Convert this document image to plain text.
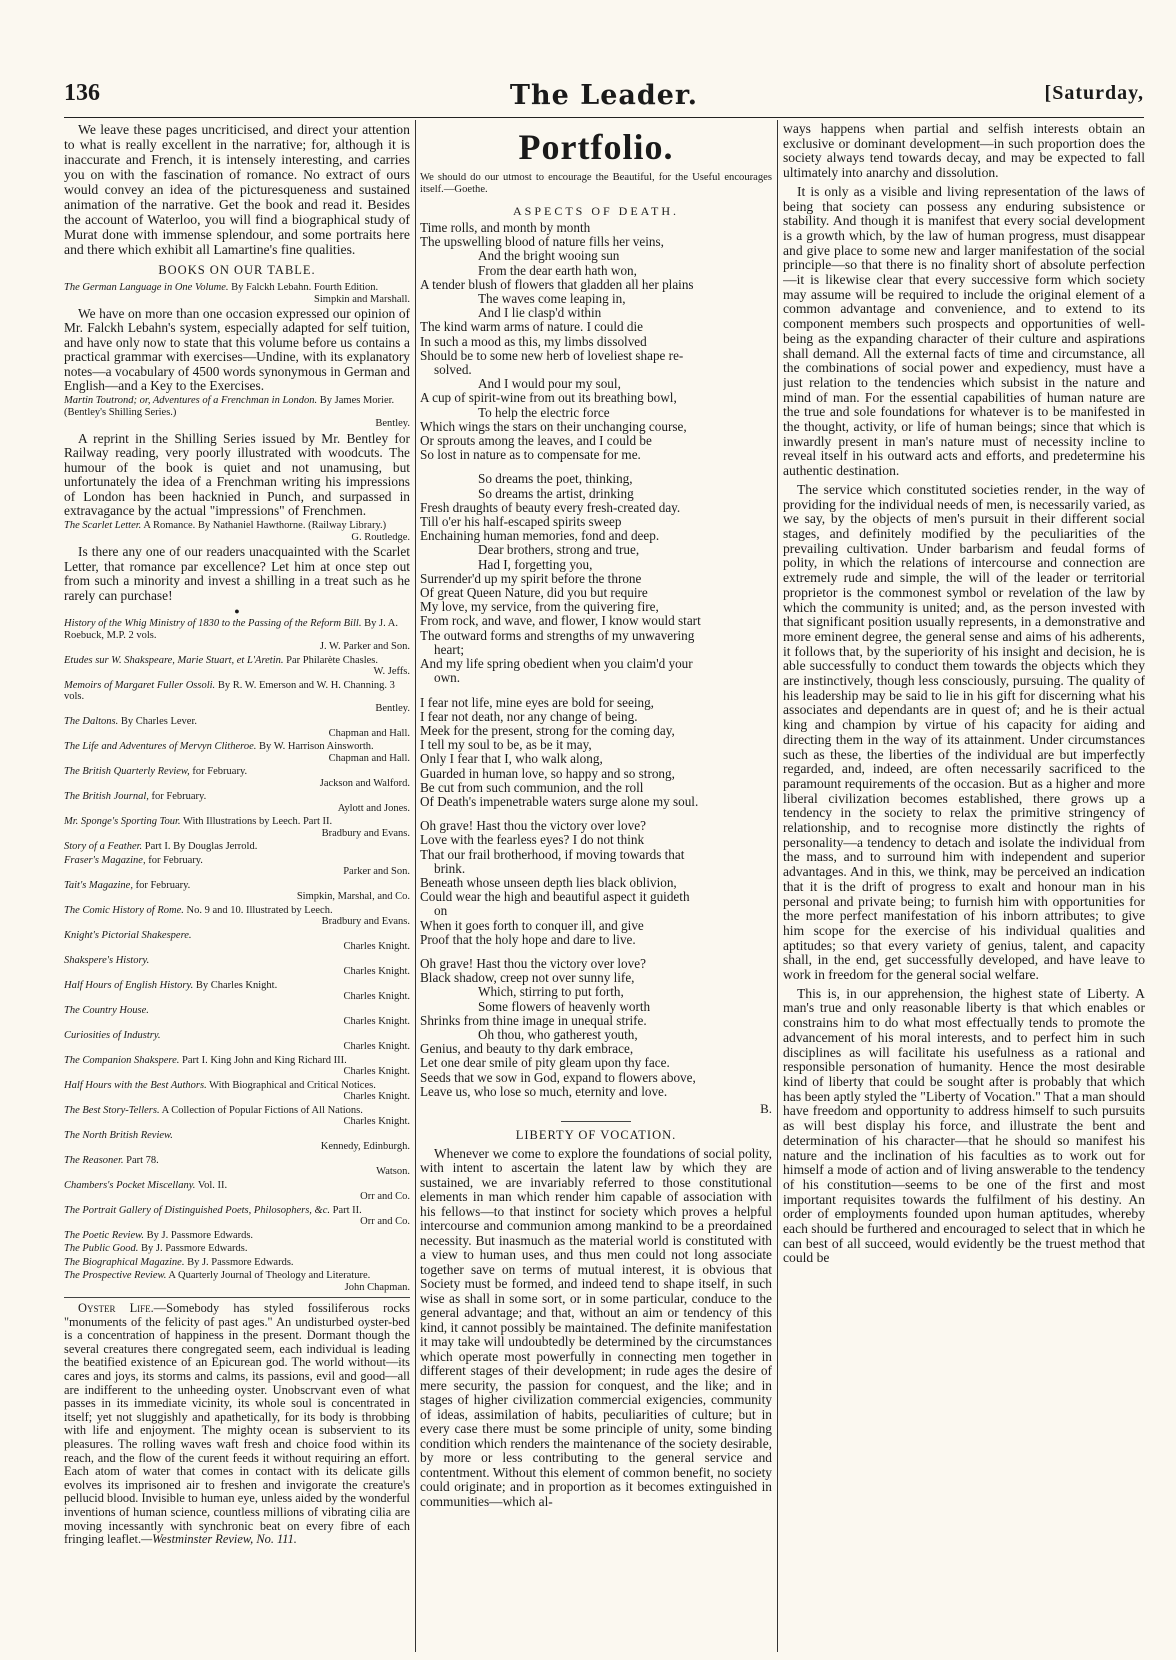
136	The Leader.	[Saturday,

We leave these pages uncriticised, and direct your attention to what is really excellent in the narrative; for, although it is inaccurate and French, it is intensely interesting, and carries you on with the fascination of romance. No extract of ours would convey an idea of the picturesqueness and sustained animation of the narrative. Get the book and read it. Besides the account of Waterloo, you will find a biographical study of Murat done with immense splendour, and some portraits here and there which exhibit all Lamartine's fine qualities.

BOOKS ON OUR TABLE.
The German Language in One Volume. By Falckh Lebahn. Fourth Edition.
Simpkin and Marshall.

We have on more than one occasion expressed our opinion of Mr. Falckh Lebahn's system, especially adapted for self tuition, and have only now to state that this volume before us contains a practical grammar with exercises—Undine, with its explanatory notes—a vocabulary of 4500 words synonymous in German and English—and a Key to the Exercises.

Martin Toutrond; or, Adventures of a Frenchman in London. By James Morier. (Bentley's Shilling Series.)
Bentley.

A reprint in the Shilling Series issued by Mr. Bentley for Railway reading, very poorly illustrated with woodcuts. The humour of the book is quiet and not unamusing, but unfortunately the idea of a Frenchman writing his impressions of London has been hacknied in Punch, and surpassed in extravagance by the actual "impressions" of Frenchmen.

The Scarlet Letter. A Romance. By Nathaniel Hawthorne. (Railway Library.)
G. Routledge.

Is there any one of our readers unacquainted with the Scarlet Letter, that romance par excellence? Let him at once step out from such a minority and invest a shilling in a treat such as he rarely can purchase!

●
History of the Whig Ministry of 1830 to the Passing of the Reform Bill. By J. A. Roebuck, M.P. 2 vols.
J. W. Parker and Son.
Etudes sur W. Shakspeare, Marie Stuart, et L'Aretin. Par Philarète Chasles.
W. Jeffs.
Memoirs of Margaret Fuller Ossoli. By R. W. Emerson and W. H. Channing. 3 vols.
Bentley.
The Daltons. By Charles Lever.
Chapman and Hall.
The Life and Adventures of Mervyn Clitheroe. By W. Harrison Ainsworth.
Chapman and Hall.
The British Quarterly Review, for February.
Jackson and Walford.
The British Journal, for February.
Aylott and Jones.
Mr. Sponge's Sporting Tour. With Illustrations by Leech. Part II.
Bradbury and Evans.
Story of a Feather. Part I. By Douglas Jerrold.
Fraser's Magazine, for February.
Parker and Son.
Tait's Magazine, for February.
Simpkin, Marshal, and Co.
The Comic History of Rome. No. 9 and 10. Illustrated by Leech.
Bradbury and Evans.
Knight's Pictorial Shakespere.
Charles Knight.
Shakspere's History.
Charles Knight.
Half Hours of English History. By Charles Knight.
Charles Knight.
The Country House.
Charles Knight.
Curiosities of Industry.
Charles Knight.
The Companion Shakspere. Part I. King John and King Richard III.
Charles Knight.
Half Hours with the Best Authors. With Biographical and Critical Notices.
Charles Knight.
The Best Story-Tellers. A Collection of Popular Fictions of All Nations.
Charles Knight.
The North British Review.
Kennedy, Edinburgh.
The Reasoner. Part 78.
Watson.
Chambers's Pocket Miscellany. Vol. II.
Orr and Co.
The Portrait Gallery of Distinguished Poets, Philosophers, &c. Part II.
Orr and Co.
The Poetic Review. By J. Passmore Edwards.
The Public Good. By J. Passmore Edwards.
The Biographical Magazine. By J. Passmore Edwards.
The Prospective Review. A Quarterly Journal of Theology and Literature.
John Chapman.

Oyster Life.—Somebody has styled fossiliferous rocks "monuments of the felicity of past ages." An undisturbed oyster-bed is a concentration of happiness in the present. Dormant though the several creatures there congregated seem, each individual is leading the beatified existence of an Epicurean god. The world without—its cares and joys, its storms and calms, its passions, evil and good—all are indifferent to the unheeding oyster. Unobscrvant even of what passes in its immediate vicinity, its whole soul is concentrated in itself; yet not sluggishly and apathetically, for its body is throbbing with life and enjoyment. The mighty ocean is subservient to its pleasures. The rolling waves waft fresh and choice food within its reach, and the flow of the curent feeds it without requiring an effort. Each atom of water that comes in contact with its delicate gills evolves its imprisoned air to freshen and invigorate the creature's pellucid blood. Invisible to human eye, unless aided by the wonderful inventions of human science, countless millions of vibrating cilia are moving incessantly with synchronic beat on every fibre of each fringing leaflet.—Westminster Review, No. 111.

Portfolio.

We should do our utmost to encourage the Beautiful, for the Useful encourages itself.—Goethe.

ASPECTS OF DEATH.
Time rolls, and month by month
The upswelling blood of nature fills her veins,
And the bright wooing sun
From the dear earth hath won,
A tender blush of flowers that gladden all her plains
The waves come leaping in,
And I lie clasp'd within
The kind warm arms of nature. I could die
In such a mood as this, my limbs dissolved
Should be to some new herb of loveliest shape re-
solved.
And I would pour my soul,
A cup of spirit-wine from out its breathing bowl,
To help the electric force
Which wings the stars on their unchanging course,
Or sprouts among the leaves, and I could be
So lost in nature as to compensate for me.
So dreams the poet, thinking,
So dreams the artist, drinking
Fresh draughts of beauty every fresh-created day.
Till o'er his half-escaped spirits sweep
Enchaining human memories, fond and deep.
Dear brothers, strong and true,
Had I, forgetting you,
Surrender'd up my spirit before the throne
Of great Queen Nature, did you but require
My love, my service, from the quivering fire,
From rock, and wave, and flower, I know would start
The outward forms and strengths of my unwavering
heart;
And my life spring obedient when you claim'd your
own.
I fear not life, mine eyes are bold for seeing,
I fear not death, nor any change of being.
Meek for the present, strong for the coming day,
I tell my soul to be, as be it may,
Only I fear that I, who walk along,
Guarded in human love, so happy and so strong,
Be cut from such communion, and the roll
Of Death's impenetrable waters surge alone my soul.
Oh grave! Hast thou the victory over love?
Love with the fearless eyes? I do not think
That our frail brotherhood, if moving towards that
brink.
Beneath whose unseen depth lies black oblivion,
Could wear the high and beautiful aspect it guideth
on
When it goes forth to conquer ill, and give
Proof that the holy hope and dare to live.
Oh grave! Hast thou the victory over love?
Black shadow, creep not over sunny life,
Which, stirring to put forth,
Some flowers of heavenly worth
Shrinks from thine image in unequal strife.
Oh thou, who gatherest youth,
Genius, and beauty to thy dark embrace,
Let one dear smile of pity gleam upon thy face.
Seeds that we sow in God, expand to flowers above,
Leave us, who lose so much, eternity and love.
B.
LIBERTY OF VOCATION.

Whenever we come to explore the foundations of social polity, with intent to ascertain the latent law by which they are sustained, we are invariably referred to those constitutional elements in man which render him capable of association with his fellows—to that instinct for society which proves a helpful intercourse and communion among mankind to be a preordained necessity. But inasmuch as the material world is constituted with a view to human uses, and thus men could not long associate together save on terms of mutual interest, it is obvious that Society must be formed, and indeed tend to shape itself, in such wise as shall in some sort, or in some particular, conduce to the general advantage; and that, without an aim or tendency of this kind, it cannot possibly be maintained. The definite manifestation it may take will undoubtedly be determined by the circumstances which operate most powerfully in connecting men together in different stages of their development; in rude ages the desire of mere security, the passion for conquest, and the like; and in stages of higher civilization commercial exigencies, community of ideas, assimilation of habits, peculiarities of culture; but in every case there must be some principle of unity, some binding condition which renders the maintenance of the society desirable, by more or less contributing to the general service and contentment. Without this element of common benefit, no society could originate; and in proportion as it becomes extinguished in communities—which al-

ways happens when partial and selfish interests obtain an exclusive or dominant development—in such proportion does the society always tend towards decay, and may be expected to fall ultimately into anarchy and dissolution.

It is only as a visible and living representation of the laws of being that society can possess any enduring subsistence or stability. And though it is manifest that every social development is a growth which, by the law of human progress, must disappear and give place to some new and larger manifestation of the social principle—so that there is no finality short of absolute perfection—it is likewise clear that every successive form which society may assume will be required to include the original element of a common advantage and convenience, and to extend to its component members such prospects and opportunities of well-being as the expanding character of their culture and aspirations shall demand. All the external facts of time and circumstance, all the combinations of social power and expediency, must have a just relation to the tendencies which subsist in the nature and mind of man. For the essential capabilities of human nature are the true and sole foundations for whatever is to be manifested in the thought, activity, or life of human beings; since that which is inwardly present in man's nature must of necessity incline to reveal itself in his outward acts and efforts, and predetermine his authentic destination.

The service which constituted societies render, in the way of providing for the individual needs of men, is necessarily varied, as we say, by the objects of men's pursuit in their different social stages, and definitely modified by the peculiarities of the prevailing cultivation. Under barbarism and feudal forms of polity, in which the relations of intercourse and connection are extremely rude and simple, the will of the leader or territorial proprietor is the commonest symbol or revelation of the law by which the community is united; and, as the person invested with that significant position usually represents, in a demonstrative and more eminent degree, the general sense and aims of his adherents, it follows that, by the superiority of his insight and decision, he is able successfully to conduct them towards the objects which they are instinctively, though less consciously, pursuing. The quality of his leadership may be said to lie in his gift for discerning what his associates and dependants are in quest of; and he is their actual king and champion by virtue of his capacity for aiding and directing them in the way of its attainment. Under circumstances such as these, the liberties of the individual are but imperfectly regarded, and, indeed, are often necessarily sacrificed to the paramount requirements of the occasion. But as a higher and more liberal civilization becomes established, there grows up a tendency in the society to relax the primitive stringency of relationship, and to recognise more distinctly the rights of personality—a tendency to detach and isolate the individual from the mass, and to surround him with independent and superior advantages. And in this, we think, may be perceived an indication that it is the drift of progress to exalt and honour man in his personal and private being; to furnish him with opportunities for the more perfect manifestation of his inborn attributes; to give him scope for the exercise of his individual qualities and aptitudes; so that every variety of genius, talent, and capacity shall, in the end, get successfully developed, and have leave to work in freedom for the general social welfare.

This is, in our apprehension, the highest state of Liberty. A man's true and only reasonable liberty is that which enables or constrains him to do what most effectually tends to promote the advancement of his moral interests, and to perfect him in such disciplines as will facilitate his usefulness as a rational and responsible personation of humanity. Hence the most desirable kind of liberty that could be sought after is probably that which has been aptly styled the "Liberty of Vocation." That a man should have freedom and opportunity to address himself to such pursuits as will best display his force, and illustrate the bent and determination of his character—that he should so manifest his nature and the inclination of his faculties as to work out for himself a mode of action and of living answerable to the tendency of his constitution—seems to be one of the first and most important requisites towards the fulfilment of his destiny. An order of employments founded upon human aptitudes, whereby each should be furthered and encouraged to select that in which he can best of all succeed, would evidently be the truest method that could be
